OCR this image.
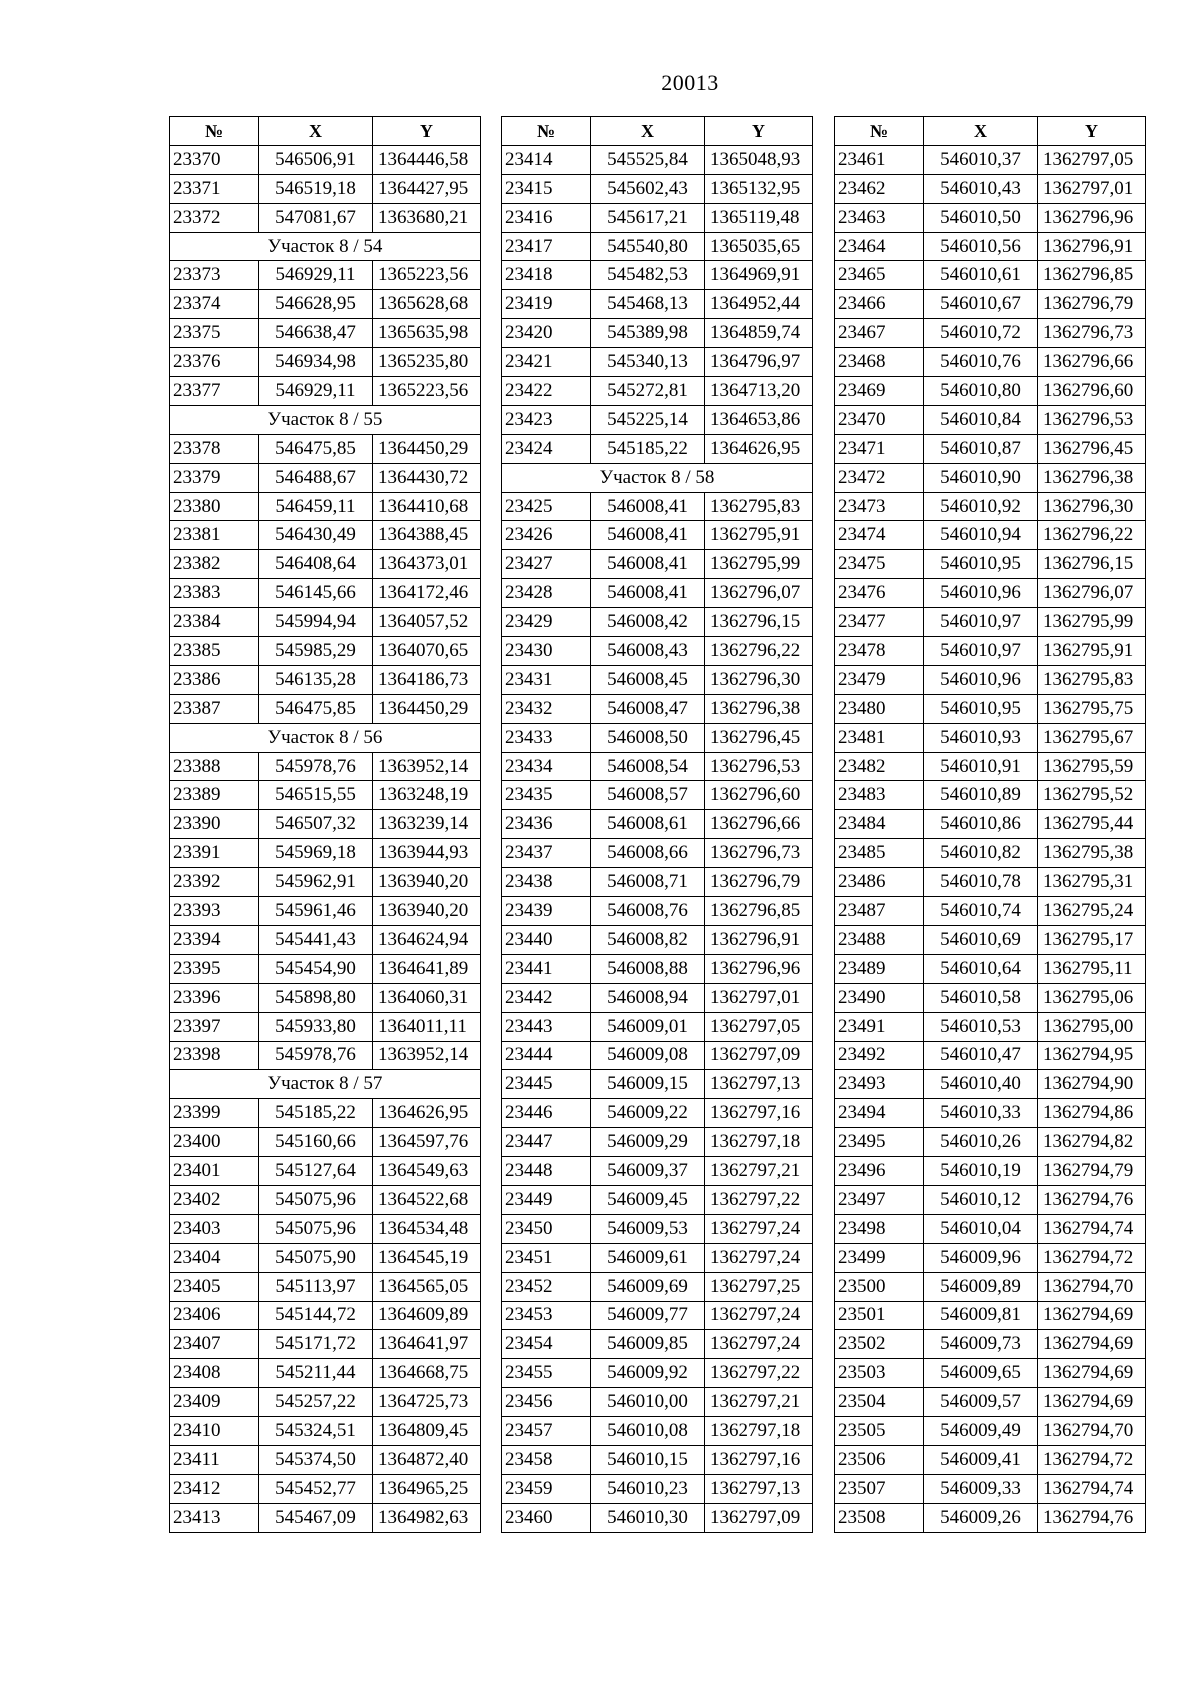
20013
№	X	Y
23370	546506,91	1364446,58
23371	546519,18	1364427,95
23372	547081,67	1363680,21
Участок 8 / 54		
23373	546929,11	1365223,56
23374	546628,95	1365628,68
23375	546638,47	1365635,98
23376	546934,98	1365235,80
23377	546929,11	1365223,56
Участок 8 / 55		
23378	546475,85	1364450,29
23379	546488,67	1364430,72
23380	546459,11	1364410,68
23381	546430,49	1364388,45
23382	546408,64	1364373,01
23383	546145,66	1364172,46
23384	545994,94	1364057,52
23385	545985,29	1364070,65
23386	546135,28	1364186,73
23387	546475,85	1364450,29
Участок 8 / 56		
23388	545978,76	1363952,14
23389	546515,55	1363248,19
23390	546507,32	1363239,14
23391	545969,18	1363944,93
23392	545962,91	1363940,20
23393	545961,46	1363940,20
23394	545441,43	1364624,94
23395	545454,90	1364641,89
23396	545898,80	1364060,31
23397	545933,80	1364011,11
23398	545978,76	1363952,14
Участок 8 / 57		
23399	545185,22	1364626,95
23400	545160,66	1364597,76
23401	545127,64	1364549,63
23402	545075,96	1364522,68
23403	545075,96	1364534,48
23404	545075,90	1364545,19
23405	545113,97	1364565,05
23406	545144,72	1364609,89
23407	545171,72	1364641,97
23408	545211,44	1364668,75
23409	545257,22	1364725,73
23410	545324,51	1364809,45
23411	545374,50	1364872,40
23412	545452,77	1364965,25
23413	545467,09	1364982,63
№	X	Y
23414	545525,84	1365048,93
23415	545602,43	1365132,95
23416	545617,21	1365119,48
23417	545540,80	1365035,65
23418	545482,53	1364969,91
23419	545468,13	1364952,44
23420	545389,98	1364859,74
23421	545340,13	1364796,97
23422	545272,81	1364713,20
23423	545225,14	1364653,86
23424	545185,22	1364626,95
Участок 8 / 58		
23425	546008,41	1362795,83
23426	546008,41	1362795,91
23427	546008,41	1362795,99
23428	546008,41	1362796,07
23429	546008,42	1362796,15
23430	546008,43	1362796,22
23431	546008,45	1362796,30
23432	546008,47	1362796,38
23433	546008,50	1362796,45
23434	546008,54	1362796,53
23435	546008,57	1362796,60
23436	546008,61	1362796,66
23437	546008,66	1362796,73
23438	546008,71	1362796,79
23439	546008,76	1362796,85
23440	546008,82	1362796,91
23441	546008,88	1362796,96
23442	546008,94	1362797,01
23443	546009,01	1362797,05
23444	546009,08	1362797,09
23445	546009,15	1362797,13
23446	546009,22	1362797,16
23447	546009,29	1362797,18
23448	546009,37	1362797,21
23449	546009,45	1362797,22
23450	546009,53	1362797,24
23451	546009,61	1362797,24
23452	546009,69	1362797,25
23453	546009,77	1362797,24
23454	546009,85	1362797,24
23455	546009,92	1362797,22
23456	546010,00	1362797,21
23457	546010,08	1362797,18
23458	546010,15	1362797,16
23459	546010,23	1362797,13
23460	546010,30	1362797,09
№	X	Y
23461	546010,37	1362797,05
23462	546010,43	1362797,01
23463	546010,50	1362796,96
23464	546010,56	1362796,91
23465	546010,61	1362796,85
23466	546010,67	1362796,79
23467	546010,72	1362796,73
23468	546010,76	1362796,66
23469	546010,80	1362796,60
23470	546010,84	1362796,53
23471	546010,87	1362796,45
23472	546010,90	1362796,38
23473	546010,92	1362796,30
23474	546010,94	1362796,22
23475	546010,95	1362796,15
23476	546010,96	1362796,07
23477	546010,97	1362795,99
23478	546010,97	1362795,91
23479	546010,96	1362795,83
23480	546010,95	1362795,75
23481	546010,93	1362795,67
23482	546010,91	1362795,59
23483	546010,89	1362795,52
23484	546010,86	1362795,44
23485	546010,82	1362795,38
23486	546010,78	1362795,31
23487	546010,74	1362795,24
23488	546010,69	1362795,17
23489	546010,64	1362795,11
23490	546010,58	1362795,06
23491	546010,53	1362795,00
23492	546010,47	1362794,95
23493	546010,40	1362794,90
23494	546010,33	1362794,86
23495	546010,26	1362794,82
23496	546010,19	1362794,79
23497	546010,12	1362794,76
23498	546010,04	1362794,74
23499	546009,96	1362794,72
23500	546009,89	1362794,70
23501	546009,81	1362794,69
23502	546009,73	1362794,69
23503	546009,65	1362794,69
23504	546009,57	1362794,69
23505	546009,49	1362794,70
23506	546009,41	1362794,72
23507	546009,33	1362794,74
23508	546009,26	1362794,76
